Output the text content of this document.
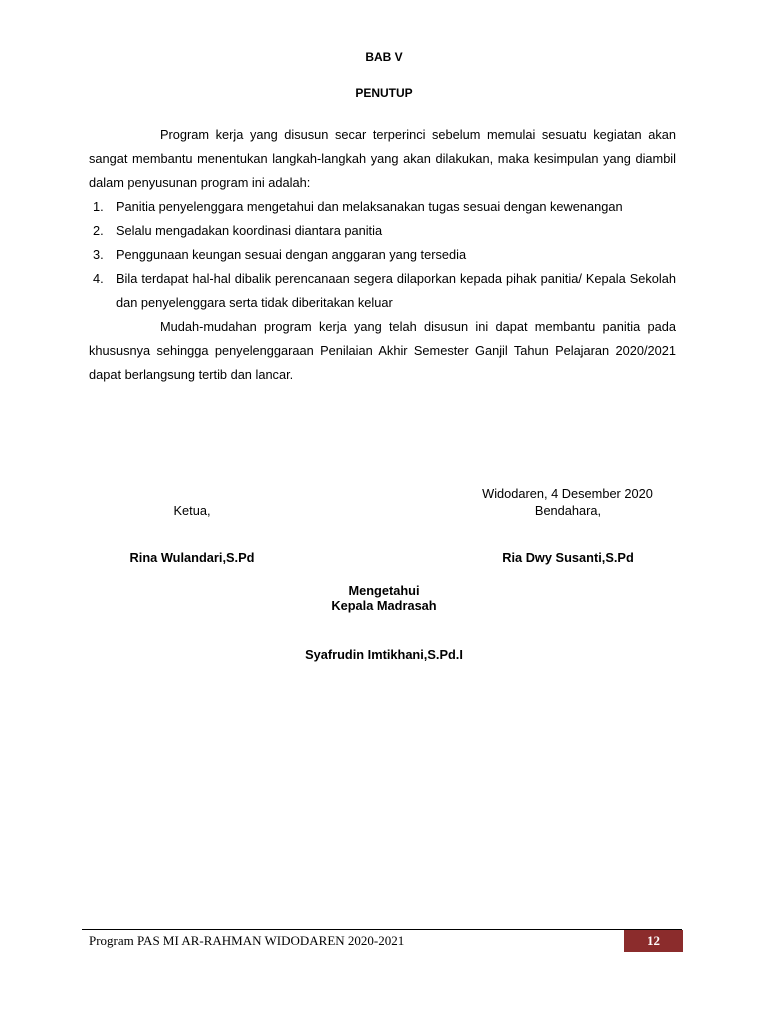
BAB V
PENUTUP
Program kerja yang disusun secar terperinci sebelum memulai sesuatu kegiatan akan sangat membantu menentukan langkah-langkah yang akan dilakukan, maka kesimpulan yang diambil dalam penyusunan program ini adalah:
1. Panitia penyelenggara mengetahui dan melaksanakan tugas sesuai dengan kewenangan
2. Selalu mengadakan koordinasi diantara panitia
3. Penggunaan keungan sesuai dengan anggaran yang tersedia
4. Bila terdapat hal-hal dibalik perencanaan segera dilaporkan kepada pihak panitia/ Kepala Sekolah dan penyelenggara serta tidak diberitakan keluar
Mudah-mudahan program kerja yang telah disusun ini dapat membantu panitia pada khususnya sehingga penyelenggaraan Penilaian Akhir Semester Ganjil Tahun Pelajaran 2020/2021 dapat berlangsung tertib dan lancar.
Widodaren, 4 Desember 2020
Ketua,	Bendahara,
Rina Wulandari,S.Pd	Ria Dwy Susanti,S.Pd
Mengetahui
Kepala Madrasah
Syafrudin Imtikhani,S.Pd.I
Program PAS MI AR-RAHMAN WIDODAREN 2020-2021	12
